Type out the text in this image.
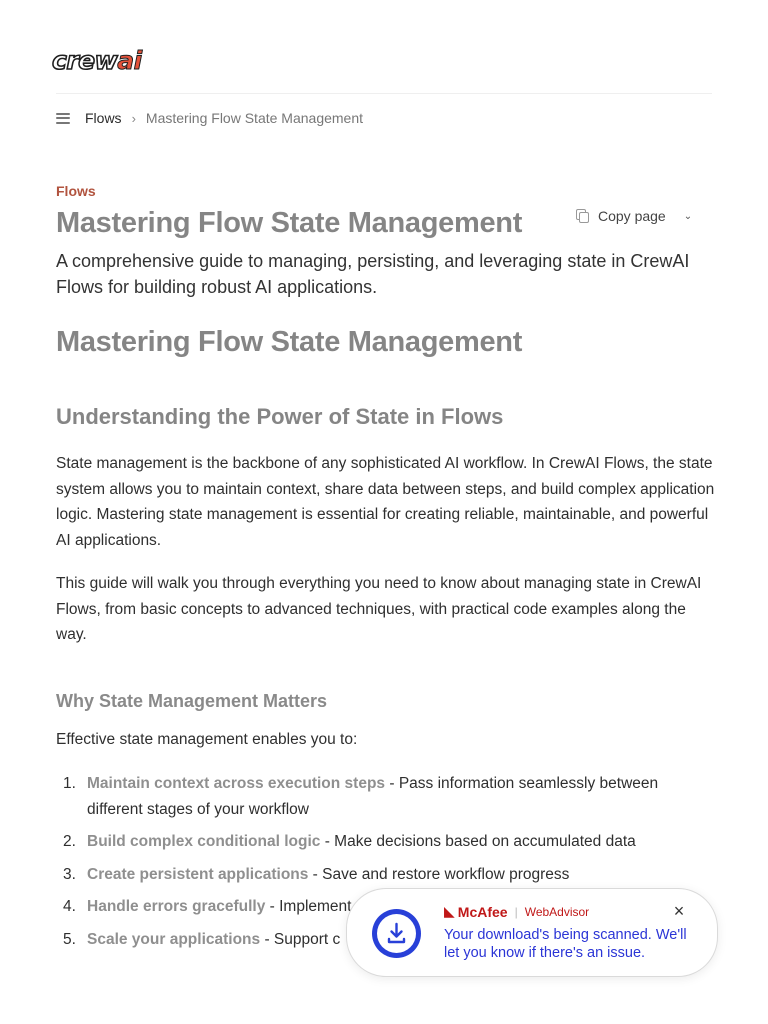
crewai
Flows › Mastering Flow State Management
Flows
Mastering Flow State Management	Copy page ⌄

A comprehensive guide to managing, persisting, and leveraging state in CrewAI Flows for building robust AI applications.

Mastering Flow State Management
Understanding the Power of State in Flows

State management is the backbone of any sophisticated AI workflow. In CrewAI Flows, the state system allows you to maintain context, share data between steps, and build complex application logic. Mastering state management is essential for creating reliable, maintainable, and powerful AI applications.

This guide will walk you through everything you need to know about managing state in CrewAI Flows, from basic concepts to advanced techniques, with practical code examples along the way.

Why State Management Matters

Effective state management enables you to:

1. Maintain context across execution steps - Pass information seamlessly between different stages of your workflow
2. Build complex conditional logic - Make decisions based on accumulated data
3. Create persistent applications - Save and restore workflow progress
4. Handle errors gracefully - Implement
5. Scale your applications - Support c
◣ McAfee | WebAdvisor
Your download's being scanned. We'll let you know if there's an issue.
×
